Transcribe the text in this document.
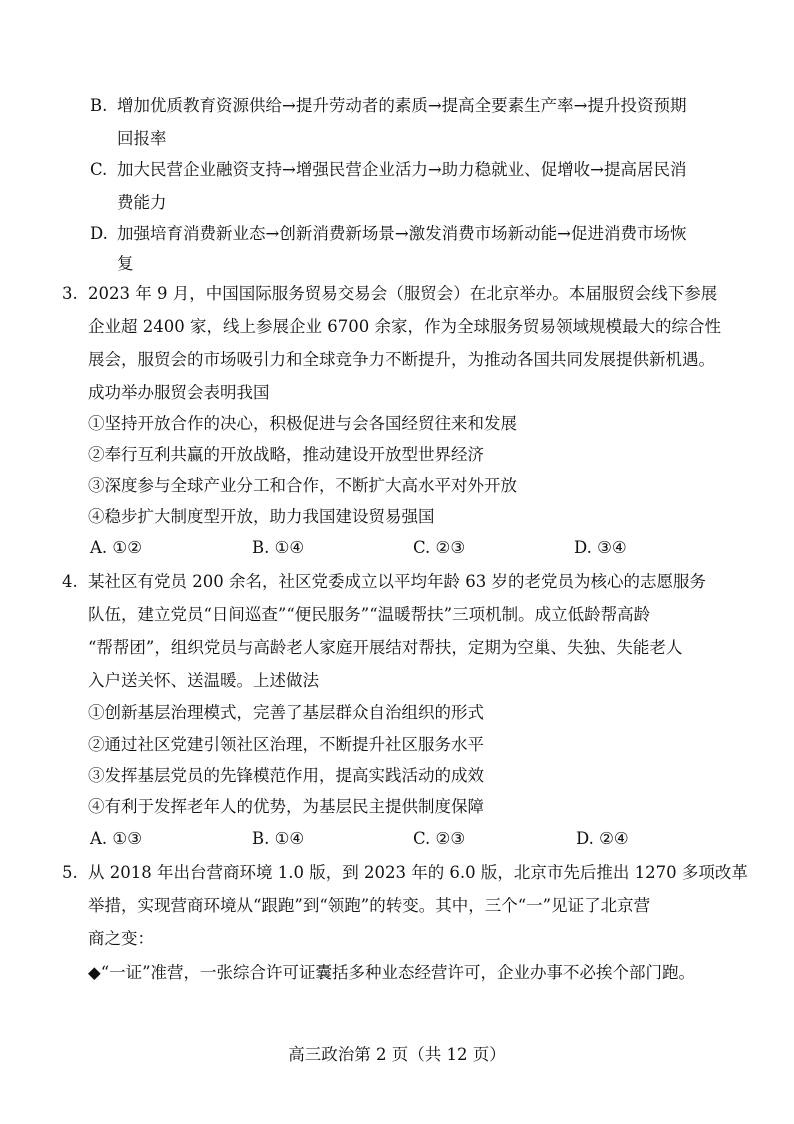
B. 增加优质教育资源供给→提升劳动者的素质→提高全要素生产率→提升投资预期
回报率
C. 加大民营企业融资支持→增强民营企业活力→助力稳就业、促增收→提高居民消
费能力
D. 加强培育消费新业态→创新消费新场景→激发消费市场新动能→促进消费市场恢
复
3. 2023 年 9 月，中国国际服务贸易交易会（服贸会）在北京举办。本届服贸会线下参展
企业超 2400 家，线上参展企业 6700 余家，作为全球服务贸易领域规模最大的综合性
展会，服贸会的市场吸引力和全球竞争力不断提升，为推动各国共同发展提供新机遇。
成功举办服贸会表明我国
①坚持开放合作的决心，积极促进与会各国经贸往来和发展
②奉行互利共赢的开放战略，推动建设开放型世界经济
③深度参与全球产业分工和合作，不断扩大高水平对外开放
④稳步扩大制度型开放，助力我国建设贸易强国
A. ①②	B. ①④	C. ②③	D. ③④
4. 某社区有党员 200 余名，社区党委成立以平均年龄 63 岁的老党员为核心的志愿服务
队伍，建立党员“日间巡查”“便民服务”“温暖帮扶”三项机制。成立低龄帮高龄
“帮帮团”，组织党员与高龄老人家庭开展结对帮扶，定期为空巢、失独、失能老人
入户送关怀、送温暖。上述做法
①创新基层治理模式，完善了基层群众自治组织的形式
②通过社区党建引领社区治理，不断提升社区服务水平
③发挥基层党员的先锋模范作用，提高实践活动的成效
④有利于发挥老年人的优势，为基层民主提供制度保障
A. ①③	B. ①④	C. ②③	D. ②④
5. 从 2018 年出台营商环境 1.0 版，到 2023 年的 6.0 版，北京市先后推出 1270 多项改革
举措，实现营商环境从“跟跑”到“领跑”的转变。其中，三个“一”见证了北京营
商之变：
◆“一证”准营，一张综合许可证囊括多种业态经营许可，企业办事不必挨个部门跑。
高三政治第 2 页（共 12 页）
